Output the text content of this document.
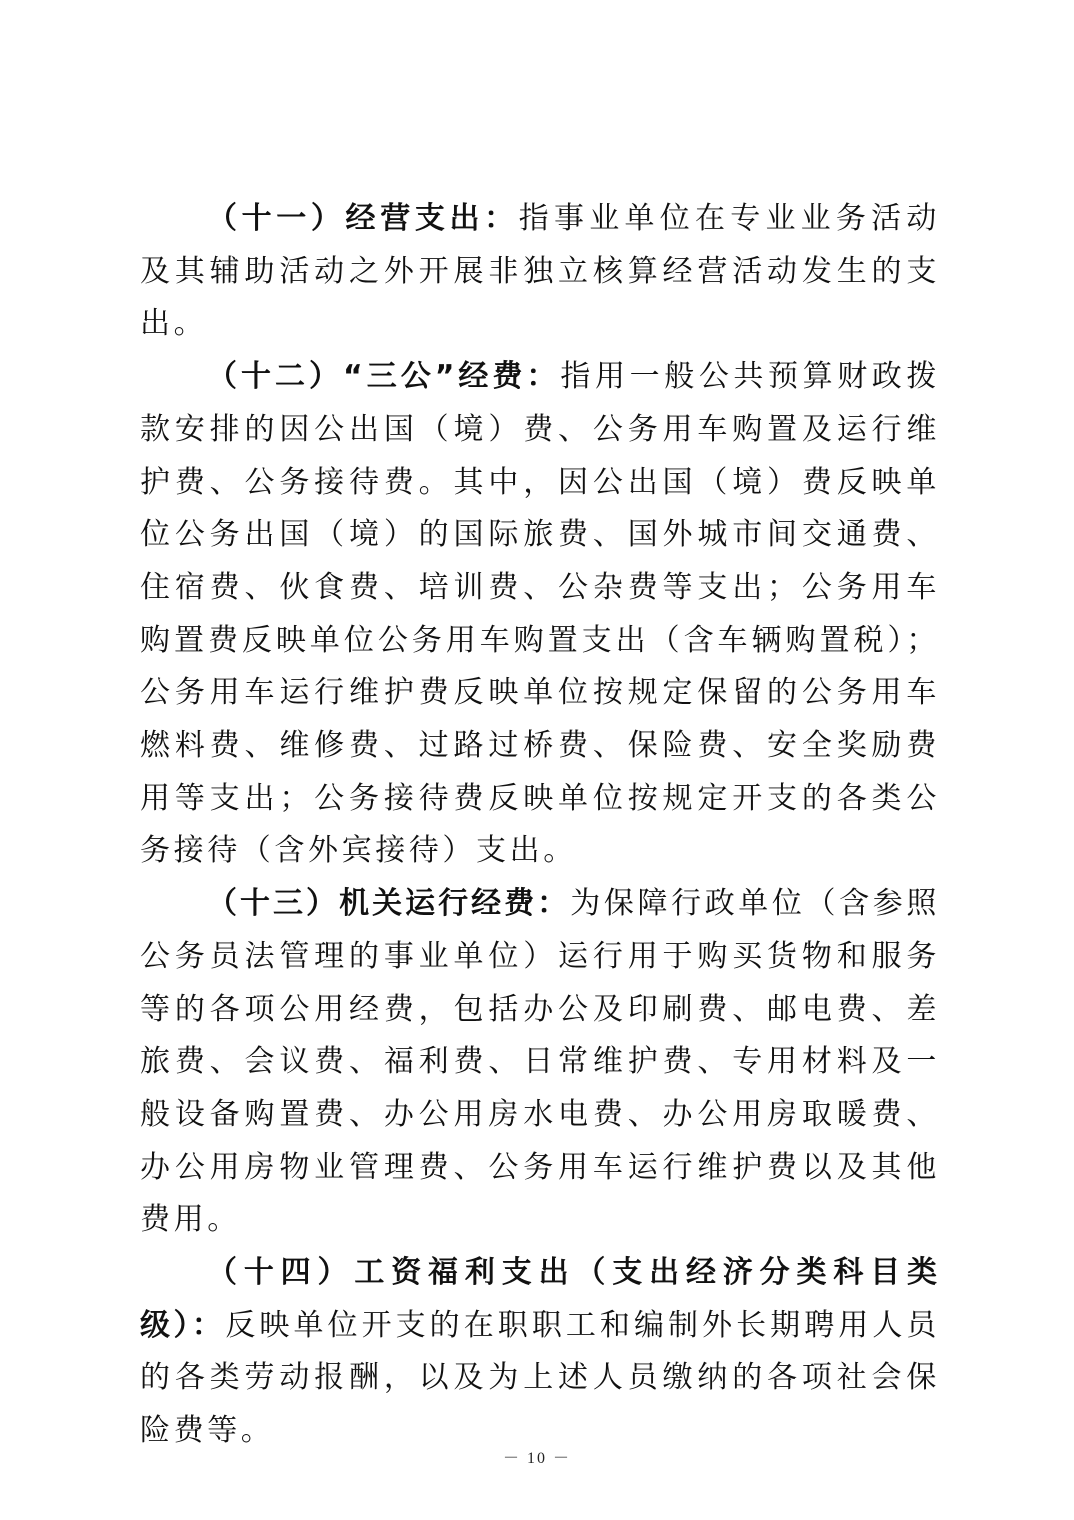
（十一）经营支出：指事业单位在专业业务活动及其辅助活动之外开展非独立核算经营活动发生的支出。

（十二）“三公”经费：指用一般公共预算财政拨款安排的因公出国（境）费、公务用车购置及运行维护费、公务接待费。其中，因公出国（境）费反映单位公务出国（境）的国际旅费、国外城市间交通费、住宿费、伙食费、培训费、公杂费等支出；公务用车购置费反映单位公务用车购置支出（含车辆购置税）；公务用车运行维护费反映单位按规定保留的公务用车燃料费、维修费、过路过桥费、保险费、安全奖励费用等支出；公务接待费反映单位按规定开支的各类公务接待（含外宾接待）支出。

（十三）机关运行经费：为保障行政单位（含参照公务员法管理的事业单位）运行用于购买货物和服务等的各项公用经费，包括办公及印刷费、邮电费、差旅费、会议费、福利费、日常维护费、专用材料及一般设备购置费、办公用房水电费、办公用房取暖费、办公用房物业管理费、公务用车运行维护费以及其他费用。

（十四）工资福利支出（支出经济分类科目类级）：反映单位开支的在职职工和编制外长期聘用人员的各类劳动报酬，以及为上述人员缴纳的各项社会保险费等。

－ 10 －
